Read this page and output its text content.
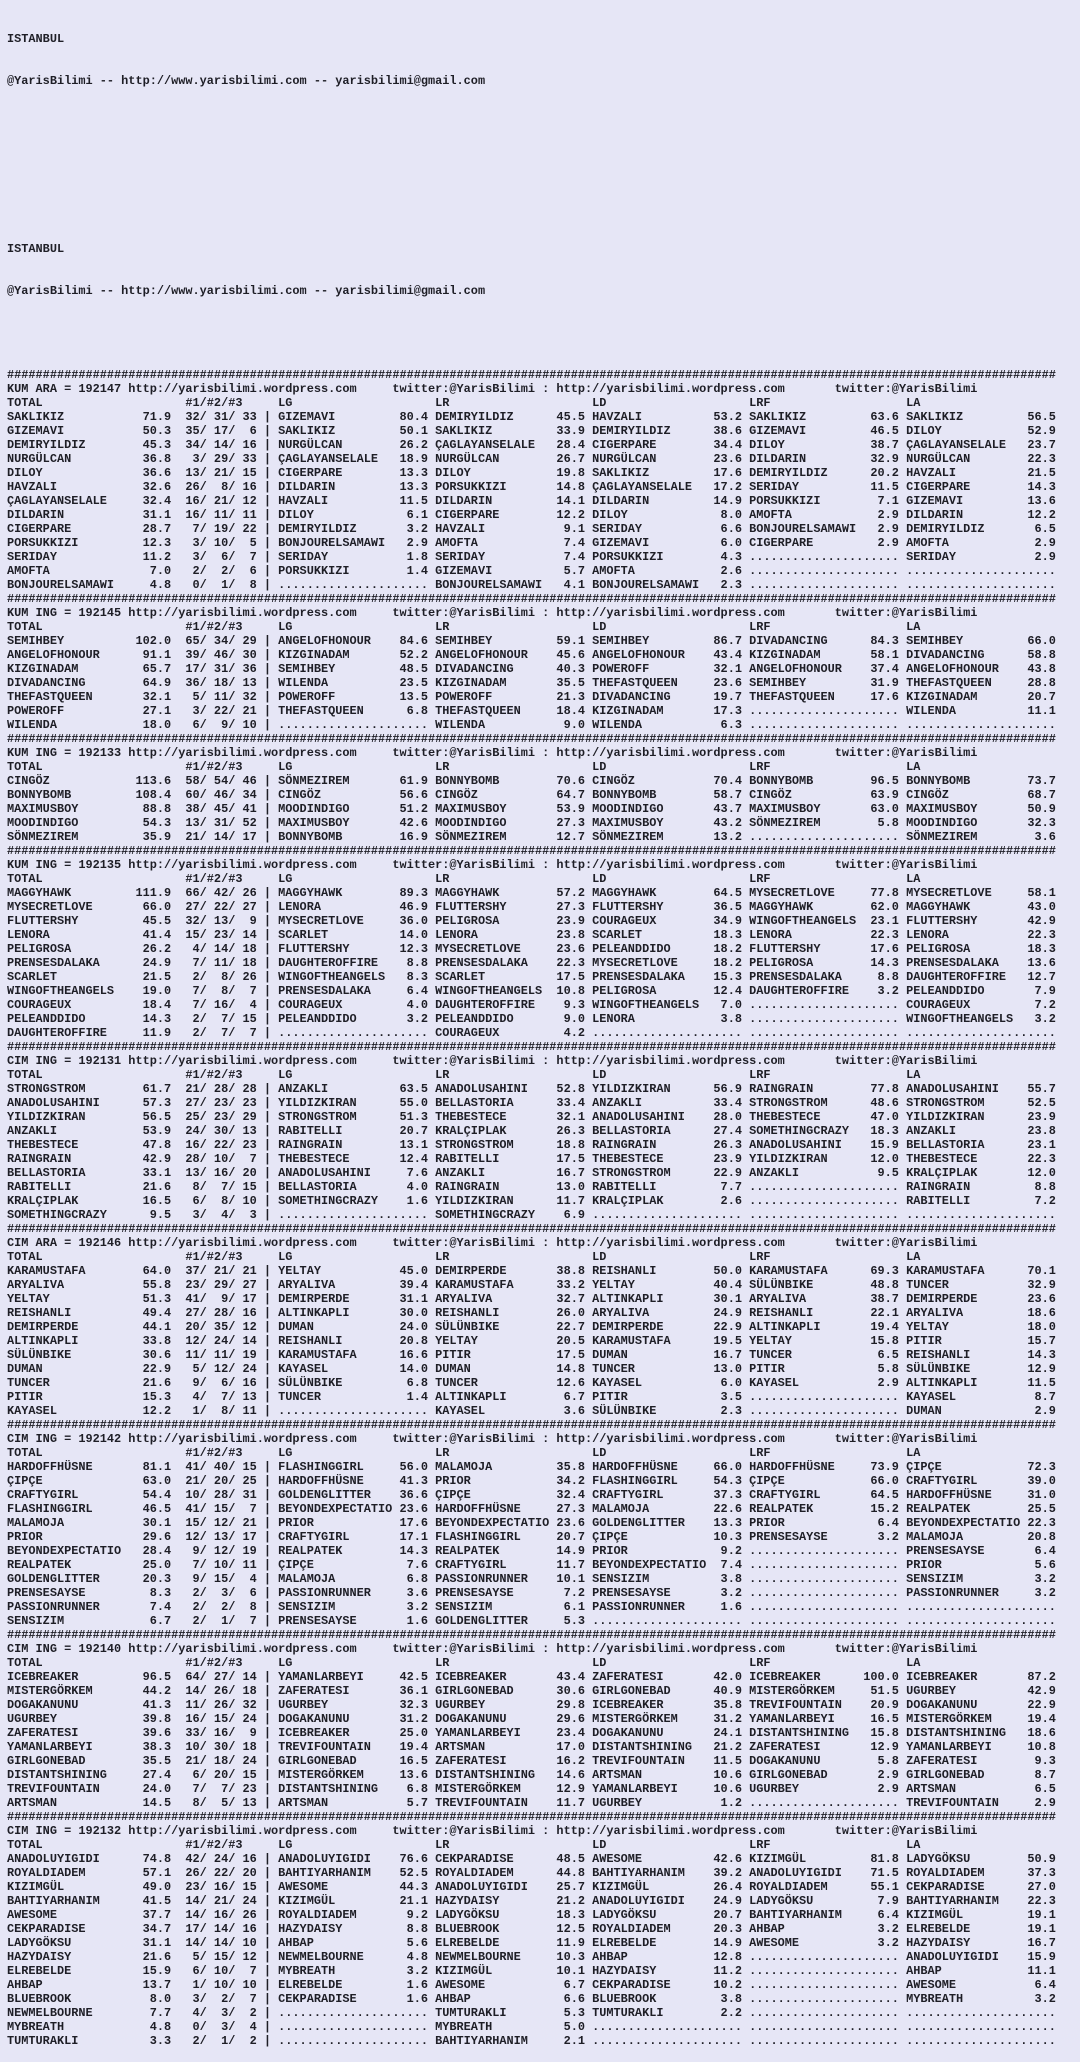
ISTANBUL

@YarisBilimi -- http://www.yarisbilimi.com -- yarisbilimi@gmail.com

ISTANBUL

@YarisBilimi -- http://www.yarisbilimi.com -- yarisbilimi@gmail.com

###################################################################################################################################################
KUM ARA = 192147 http://yarisbilimi.wordpress.com     twitter:@YarisBilimi : http://yarisbilimi.wordpress.com       twitter:@YarisBilimi
TOTAL                    #1/#2/#3     LG                    LR                    LD                    LRF                   LA
SAKLIKIZ           71.9  32/ 31/ 33 | GIZEMAVI         80.4 DEMIRYILDIZ      45.5 HAVZALI          53.2 SAKLIKIZ         63.6 SAKLIKIZ         56.5
GIZEMAVI           50.3  35/ 17/  6 | SAKLIKIZ         50.1 SAKLIKIZ         33.9 DEMIRYILDIZ      38.6 GIZEMAVI         46.5 DILOY            52.9
DEMIRYILDIZ        45.3  34/ 14/ 16 | NURGÜLCAN        26.2 ÇAGLAYANSELALE   28.4 CIGERPARE        34.4 DILOY            38.7 ÇAGLAYANSELALE   23.7
NURGÜLCAN          36.8   3/ 29/ 33 | ÇAGLAYANSELALE   18.9 NURGÜLCAN        26.7 NURGÜLCAN        23.6 DILDARIN         32.9 NURGÜLCAN        22.3
DILOY              36.6  13/ 21/ 15 | CIGERPARE        13.3 DILOY            19.8 SAKLIKIZ         17.6 DEMIRYILDIZ      20.2 HAVZALI          21.5
HAVZALI            32.6  26/  8/ 16 | DILDARIN         13.3 PORSUKKIZI       14.8 ÇAGLAYANSELALE   17.2 SERIDAY          11.5 CIGERPARE        14.3
ÇAGLAYANSELALE     32.4  16/ 21/ 12 | HAVZALI          11.5 DILDARIN         14.1 DILDARIN         14.9 PORSUKKIZI        7.1 GIZEMAVI         13.6
DILDARIN           31.1  16/ 11/ 11 | DILOY             6.1 CIGERPARE        12.2 DILOY             8.0 AMOFTA            2.9 DILDARIN         12.2
CIGERPARE          28.7   7/ 19/ 22 | DEMIRYILDIZ       3.2 HAVZALI           9.1 SERIDAY           6.6 BONJOURELSAMAWI   2.9 DEMIRYILDIZ       6.5
PORSUKKIZI         12.3   3/ 10/  5 | BONJOURELSAMAWI   2.9 AMOFTA            7.4 GIZEMAVI          6.0 CIGERPARE         2.9 AMOFTA            2.9
SERIDAY            11.2   3/  6/  7 | SERIDAY           1.8 SERIDAY           7.4 PORSUKKIZI        4.3 ..................... SERIDAY           2.9
AMOFTA              7.0   2/  2/  6 | PORSUKKIZI        1.4 GIZEMAVI          5.7 AMOFTA            2.6 ..................... .....................
BONJOURELSAMAWI     4.8   0/  1/  8 | ..................... BONJOURELSAMAWI   4.1 BONJOURELSAMAWI   2.3 ..................... .....................
###################################################################################################################################################
KUM ING = 192145 http://yarisbilimi.wordpress.com     twitter:@YarisBilimi : http://yarisbilimi.wordpress.com       twitter:@YarisBilimi
TOTAL                    #1/#2/#3     LG                    LR                    LD                    LRF                   LA
SEMIHBEY          102.0  65/ 34/ 29 | ANGELOFHONOUR    84.6 SEMIHBEY         59.1 SEMIHBEY         86.7 DIVADANCING      84.3 SEMIHBEY         66.0
ANGELOFHONOUR      91.1  39/ 46/ 30 | KIZGINADAM       52.2 ANGELOFHONOUR    45.6 ANGELOFHONOUR    43.4 KIZGINADAM       58.1 DIVADANCING      58.8
KIZGINADAM         65.7  17/ 31/ 36 | SEMIHBEY         48.5 DIVADANCING      40.3 POWEROFF         32.1 ANGELOFHONOUR    37.4 ANGELOFHONOUR    43.8
DIVADANCING        64.9  36/ 18/ 13 | WILENDA          23.5 KIZGINADAM       35.5 THEFASTQUEEN     23.6 SEMIHBEY         31.9 THEFASTQUEEN     28.8
THEFASTQUEEN       32.1   5/ 11/ 32 | POWEROFF         13.5 POWEROFF         21.3 DIVADANCING      19.7 THEFASTQUEEN     17.6 KIZGINADAM       20.7
POWEROFF           27.1   3/ 22/ 21 | THEFASTQUEEN      6.8 THEFASTQUEEN     18.4 KIZGINADAM       17.3 ..................... WILENDA          11.1
WILENDA            18.0   6/  9/ 10 | ..................... WILENDA           9.0 WILENDA           6.3 ..................... .....................
###################################################################################################################################################
KUM ING = 192133 http://yarisbilimi.wordpress.com     twitter:@YarisBilimi : http://yarisbilimi.wordpress.com       twitter:@YarisBilimi
TOTAL                    #1/#2/#3     LG                    LR                    LD                    LRF                   LA
CINGÖZ            113.6  58/ 54/ 46 | SÖNMEZIREM       61.9 BONNYBOMB        70.6 CINGÖZ           70.4 BONNYBOMB        96.5 BONNYBOMB        73.7
BONNYBOMB         108.4  60/ 46/ 34 | CINGÖZ           56.6 CINGÖZ           64.7 BONNYBOMB        58.7 CINGÖZ           63.9 CINGÖZ           68.7
MAXIMUSBOY         88.8  38/ 45/ 41 | MOODINDIGO       51.2 MAXIMUSBOY       53.9 MOODINDIGO       43.7 MAXIMUSBOY       63.0 MAXIMUSBOY       50.9
MOODINDIGO         54.3  13/ 31/ 52 | MAXIMUSBOY       42.6 MOODINDIGO       27.3 MAXIMUSBOY       43.2 SÖNMEZIREM        5.8 MOODINDIGO       32.3
SÖNMEZIREM         35.9  21/ 14/ 17 | BONNYBOMB        16.9 SÖNMEZIREM       12.7 SÖNMEZIREM       13.2 ..................... SÖNMEZIREM        3.6
###################################################################################################################################################
KUM ING = 192135 http://yarisbilimi.wordpress.com     twitter:@YarisBilimi : http://yarisbilimi.wordpress.com       twitter:@YarisBilimi
TOTAL                    #1/#2/#3     LG                    LR                    LD                    LRF                   LA
MAGGYHAWK         111.9  66/ 42/ 26 | MAGGYHAWK        89.3 MAGGYHAWK        57.2 MAGGYHAWK        64.5 MYSECRETLOVE     77.8 MYSECRETLOVE     58.1
MYSECRETLOVE       66.0  27/ 22/ 27 | LENORA           46.9 FLUTTERSHY       27.3 FLUTTERSHY       36.5 MAGGYHAWK        62.0 MAGGYHAWK        43.0
FLUTTERSHY         45.5  32/ 13/  9 | MYSECRETLOVE     36.0 PELIGROSA        23.9 COURAGEUX        34.9 WINGOFTHEANGELS  23.1 FLUTTERSHY       42.9
LENORA             41.4  15/ 23/ 14 | SCARLET          14.0 LENORA           23.8 SCARLET          18.3 LENORA           22.3 LENORA           22.3
PELIGROSA          26.2   4/ 14/ 18 | FLUTTERSHY       12.3 MYSECRETLOVE     23.6 PELEANDDIDO      18.2 FLUTTERSHY       17.6 PELIGROSA        18.3
PRENSESDALAKA      24.9   7/ 11/ 18 | DAUGHTEROFFIRE    8.8 PRENSESDALAKA    22.3 MYSECRETLOVE     18.2 PELIGROSA        14.3 PRENSESDALAKA    13.6
SCARLET            21.5   2/  8/ 26 | WINGOFTHEANGELS   8.3 SCARLET          17.5 PRENSESDALAKA    15.3 PRENSESDALAKA     8.8 DAUGHTEROFFIRE   12.7
WINGOFTHEANGELS    19.0   7/  8/  7 | PRENSESDALAKA     6.4 WINGOFTHEANGELS  10.8 PELIGROSA        12.4 DAUGHTEROFFIRE    3.2 PELEANDDIDO       7.9
COURAGEUX          18.4   7/ 16/  4 | COURAGEUX         4.0 DAUGHTEROFFIRE    9.3 WINGOFTHEANGELS   7.0 ..................... COURAGEUX         7.2
PELEANDDIDO        14.3   2/  7/ 15 | PELEANDDIDO       3.2 PELEANDDIDO       9.0 LENORA            3.8 ..................... WINGOFTHEANGELS   3.2
DAUGHTEROFFIRE     11.9   2/  7/  7 | ..................... COURAGEUX         4.2 ..................... ..................... .....................
###################################################################################################################################################
CIM ING = 192131 http://yarisbilimi.wordpress.com     twitter:@YarisBilimi : http://yarisbilimi.wordpress.com       twitter:@YarisBilimi
TOTAL                    #1/#2/#3     LG                    LR                    LD                    LRF                   LA
STRONGSTROM        61.7  21/ 28/ 28 | ANZAKLI          63.5 ANADOLUSAHINI    52.8 YILDIZKIRAN      56.9 RAINGRAIN        77.8 ANADOLUSAHINI    55.7
ANADOLUSAHINI      57.3  27/ 23/ 23 | YILDIZKIRAN      55.0 BELLASTORIA      33.4 ANZAKLI          33.4 STRONGSTROM      48.6 STRONGSTROM      52.5
YILDIZKIRAN        56.5  25/ 23/ 29 | STRONGSTROM      51.3 THEBESTECE       32.1 ANADOLUSAHINI    28.0 THEBESTECE       47.0 YILDIZKIRAN      23.9
ANZAKLI            53.9  24/ 30/ 13 | RABITELLI        20.7 KRALÇIPLAK       26.3 BELLASTORIA      27.4 SOMETHINGCRAZY   18.3 ANZAKLI          23.8
THEBESTECE         47.8  16/ 22/ 23 | RAINGRAIN        13.1 STRONGSTROM      18.8 RAINGRAIN        26.3 ANADOLUSAHINI    15.9 BELLASTORIA      23.1
RAINGRAIN          42.9  28/ 10/  7 | THEBESTECE       12.4 RABITELLI        17.5 THEBESTECE       23.9 YILDIZKIRAN      12.0 THEBESTECE       22.3
BELLASTORIA        33.1  13/ 16/ 20 | ANADOLUSAHINI     7.6 ANZAKLI          16.7 STRONGSTROM      22.9 ANZAKLI           9.5 KRALÇIPLAK       12.0
RABITELLI          21.6   8/  7/ 15 | BELLASTORIA       4.0 RAINGRAIN        13.0 RABITELLI         7.7 ..................... RAINGRAIN         8.8
KRALÇIPLAK         16.5   6/  8/ 10 | SOMETHINGCRAZY    1.6 YILDIZKIRAN      11.7 KRALÇIPLAK        2.6 ..................... RABITELLI         7.2
SOMETHINGCRAZY      9.5   3/  4/  3 | ..................... SOMETHINGCRAZY    6.9 ..................... ..................... .....................
###################################################################################################################################################
CIM ARA = 192146 http://yarisbilimi.wordpress.com     twitter:@YarisBilimi : http://yarisbilimi.wordpress.com       twitter:@YarisBilimi
TOTAL                    #1/#2/#3     LG                    LR                    LD                    LRF                   LA
KARAMUSTAFA        64.0  37/ 21/ 21 | YELTAY           45.0 DEMIRPERDE       38.8 REISHANLI        50.0 KARAMUSTAFA      69.3 KARAMUSTAFA      70.1
ARYALIVA           55.8  23/ 29/ 27 | ARYALIVA         39.4 KARAMUSTAFA      33.2 YELTAY           40.4 SÜLÜNBIKE        48.8 TUNCER           32.9
YELTAY             51.3  41/  9/ 17 | DEMIRPERDE       31.1 ARYALIVA         32.7 ALTINKAPLI       30.1 ARYALIVA         38.7 DEMIRPERDE       23.6
REISHANLI          49.4  27/ 28/ 16 | ALTINKAPLI       30.0 REISHANLI        26.0 ARYALIVA         24.9 REISHANLI        22.1 ARYALIVA         18.6
DEMIRPERDE         44.1  20/ 35/ 12 | DUMAN            24.0 SÜLÜNBIKE        22.7 DEMIRPERDE       22.9 ALTINKAPLI       19.4 YELTAY           18.0
ALTINKAPLI         33.8  12/ 24/ 14 | REISHANLI        20.8 YELTAY           20.5 KARAMUSTAFA      19.5 YELTAY           15.8 PITIR            15.7
SÜLÜNBIKE          30.6  11/ 11/ 19 | KARAMUSTAFA      16.6 PITIR            17.5 DUMAN            16.7 TUNCER            6.5 REISHANLI        14.3
DUMAN              22.9   5/ 12/ 24 | KAYASEL          14.0 DUMAN            14.8 TUNCER           13.0 PITIR             5.8 SÜLÜNBIKE        12.9
TUNCER             21.6   9/  6/ 16 | SÜLÜNBIKE         6.8 TUNCER           12.6 KAYASEL           6.0 KAYASEL           2.9 ALTINKAPLI       11.5
PITIR              15.3   4/  7/ 13 | TUNCER            1.4 ALTINKAPLI        6.7 PITIR             3.5 ..................... KAYASEL           8.7
KAYASEL            12.2   1/  8/ 11 | ..................... KAYASEL           3.6 SÜLÜNBIKE         2.3 ..................... DUMAN             2.9
###################################################################################################################################################
CIM ING = 192142 http://yarisbilimi.wordpress.com     twitter:@YarisBilimi : http://yarisbilimi.wordpress.com       twitter:@YarisBilimi
TOTAL                    #1/#2/#3     LG                    LR                    LD                    LRF                   LA
HARDOFFHÜSNE       81.1  41/ 40/ 15 | FLASHINGGIRL     56.0 MALAMOJA         35.8 HARDOFFHÜSNE     66.0 HARDOFFHÜSNE     73.9 ÇIPÇE            72.3
ÇIPÇE              63.0  21/ 20/ 25 | HARDOFFHÜSNE     41.3 PRIOR            34.2 FLASHINGGIRL     54.3 ÇIPÇE            66.0 CRAFTYGIRL       39.0
CRAFTYGIRL         54.4  10/ 28/ 31 | GOLDENGLITTER    36.6 ÇIPÇE            32.4 CRAFTYGIRL       37.3 CRAFTYGIRL       64.5 HARDOFFHÜSNE     31.0
FLASHINGGIRL       46.5  41/ 15/  7 | BEYONDEXPECTATIO 23.6 HARDOFFHÜSNE     27.3 MALAMOJA         22.6 REALPATEK        15.2 REALPATEK        25.5
MALAMOJA           30.1  15/ 12/ 21 | PRIOR            17.6 BEYONDEXPECTATIO 23.6 GOLDENGLITTER    13.3 PRIOR             6.4 BEYONDEXPECTATIO 22.3
PRIOR              29.6  12/ 13/ 17 | CRAFTYGIRL       17.1 FLASHINGGIRL     20.7 ÇIPÇE            10.3 PRENSESAYSE       3.2 MALAMOJA         20.8
BEYONDEXPECTATIO   28.4   9/ 12/ 19 | REALPATEK        14.3 REALPATEK        14.9 PRIOR             9.2 ..................... PRENSESAYSE       6.4
REALPATEK          25.0   7/ 10/ 11 | ÇIPÇE             7.6 CRAFTYGIRL       11.7 BEYONDEXPECTATIO  7.4 ..................... PRIOR             5.6
GOLDENGLITTER      20.3   9/ 15/  4 | MALAMOJA          6.8 PASSIONRUNNER    10.1 SENSIZIM          3.8 ..................... SENSIZIM          3.2
PRENSESAYSE         8.3   2/  3/  6 | PASSIONRUNNER     3.6 PRENSESAYSE       7.2 PRENSESAYSE       3.2 ..................... PASSIONRUNNER     3.2
PASSIONRUNNER       7.4   2/  2/  8 | SENSIZIM          3.2 SENSIZIM          6.1 PASSIONRUNNER     1.6 ..................... .....................
SENSIZIM            6.7   2/  1/  7 | PRENSESAYSE       1.6 GOLDENGLITTER     5.3 ..................... ..................... .....................
###################################################################################################################################################
CIM ING = 192140 http://yarisbilimi.wordpress.com     twitter:@YarisBilimi : http://yarisbilimi.wordpress.com       twitter:@YarisBilimi
TOTAL                    #1/#2/#3     LG                    LR                    LD                    LRF                   LA
ICEBREAKER         96.5  64/ 27/ 14 | YAMANLARBEYI     42.5 ICEBREAKER       43.4 ZAFERATESI       42.0 ICEBREAKER      100.0 ICEBREAKER       87.2
MISTERGÖRKEM       44.2  14/ 26/ 18 | ZAFERATESI       36.1 GIRLGONEBAD      30.6 GIRLGONEBAD      40.9 MISTERGÖRKEM     51.5 UGURBEY          42.9
DOGAKANUNU         41.3  11/ 26/ 32 | UGURBEY          32.3 UGURBEY          29.8 ICEBREAKER       35.8 TREVIFOUNTAIN    20.9 DOGAKANUNU       22.9
UGURBEY            39.8  16/ 15/ 24 | DOGAKANUNU       31.2 DOGAKANUNU       29.6 MISTERGÖRKEM     31.2 YAMANLARBEYI     16.5 MISTERGÖRKEM     19.4
ZAFERATESI         39.6  33/ 16/  9 | ICEBREAKER       25.0 YAMANLARBEYI     23.4 DOGAKANUNU       24.1 DISTANTSHINING   15.8 DISTANTSHINING   18.6
YAMANLARBEYI       38.3  10/ 30/ 18 | TREVIFOUNTAIN    19.4 ARTSMAN          17.0 DISTANTSHINING   21.2 ZAFERATESI       12.9 YAMANLARBEYI     10.8
GIRLGONEBAD        35.5  21/ 18/ 24 | GIRLGONEBAD      16.5 ZAFERATESI       16.2 TREVIFOUNTAIN    11.5 DOGAKANUNU        5.8 ZAFERATESI        9.3
DISTANTSHINING     27.4   6/ 20/ 15 | MISTERGÖRKEM     13.6 DISTANTSHINING   14.6 ARTSMAN          10.6 GIRLGONEBAD       2.9 GIRLGONEBAD       8.7
TREVIFOUNTAIN      24.0   7/  7/ 23 | DISTANTSHINING    6.8 MISTERGÖRKEM     12.9 YAMANLARBEYI     10.6 UGURBEY           2.9 ARTSMAN           6.5
ARTSMAN            14.5   8/  5/ 13 | ARTSMAN           5.7 TREVIFOUNTAIN    11.7 UGURBEY           1.2 ..................... TREVIFOUNTAIN     2.9
###################################################################################################################################################
CIM ING = 192132 http://yarisbilimi.wordpress.com     twitter:@YarisBilimi : http://yarisbilimi.wordpress.com       twitter:@YarisBilimi
TOTAL                    #1/#2/#3     LG                    LR                    LD                    LRF                   LA
ANADOLUYIGIDI      74.8  42/ 24/ 16 | ANADOLUYIGIDI    76.6 CEKPARADISE      48.5 AWESOME          42.6 KIZIMGÜL         81.8 LADYGÖKSU        50.9
ROYALDIADEM        57.1  26/ 22/ 20 | BAHTIYARHANIM    52.5 ROYALDIADEM      44.8 BAHTIYARHANIM    39.2 ANADOLUYIGIDI    71.5 ROYALDIADEM      37.3
KIZIMGÜL           49.0  23/ 16/ 15 | AWESOME          44.3 ANADOLUYIGIDI    25.7 KIZIMGÜL         26.4 ROYALDIADEM      55.1 CEKPARADISE      27.0
BAHTIYARHANIM      41.5  14/ 21/ 24 | KIZIMGÜL         21.1 HAZYDAISY        21.2 ANADOLUYIGIDI    24.9 LADYGÖKSU         7.9 BAHTIYARHANIM    22.3
AWESOME            37.7  14/ 16/ 26 | ROYALDIADEM       9.2 LADYGÖKSU        18.3 LADYGÖKSU        20.7 BAHTIYARHANIM     6.4 KIZIMGÜL         19.1
CEKPARADISE        34.7  17/ 14/ 16 | HAZYDAISY         8.8 BLUEBROOK        12.5 ROYALDIADEM      20.3 AHBAP             3.2 ELREBELDE        19.1
LADYGÖKSU          31.1  14/ 14/ 10 | AHBAP             5.6 ELREBELDE        11.9 ELREBELDE        14.9 AWESOME           3.2 HAZYDAISY        16.7
HAZYDAISY          21.6   5/ 15/ 12 | NEWMELBOURNE      4.8 NEWMELBOURNE     10.3 AHBAP            12.8 ..................... ANADOLUYIGIDI    15.9
ELREBELDE          15.9   6/ 10/  7 | MYBREATH          3.2 KIZIMGÜL         10.1 HAZYDAISY        11.2 ..................... AHBAP            11.1
AHBAP              13.7   1/ 10/ 10 | ELREBELDE         1.6 AWESOME           6.7 CEKPARADISE      10.2 ..................... AWESOME           6.4
BLUEBROOK           8.0   3/  2/  7 | CEKPARADISE       1.6 AHBAP             6.6 BLUEBROOK         3.8 ..................... MYBREATH          3.2
NEWMELBOURNE        7.7   4/  3/  2 | ..................... TUMTURAKLI        5.3 TUMTURAKLI        2.2 ..................... .....................
MYBREATH            4.8   0/  3/  4 | ..................... MYBREATH          5.0 ..................... ..................... .....................
TUMTURAKLI          3.3   2/  1/  2 | ..................... BAHTIYARHANIM     2.1 ..................... ..................... .....................
